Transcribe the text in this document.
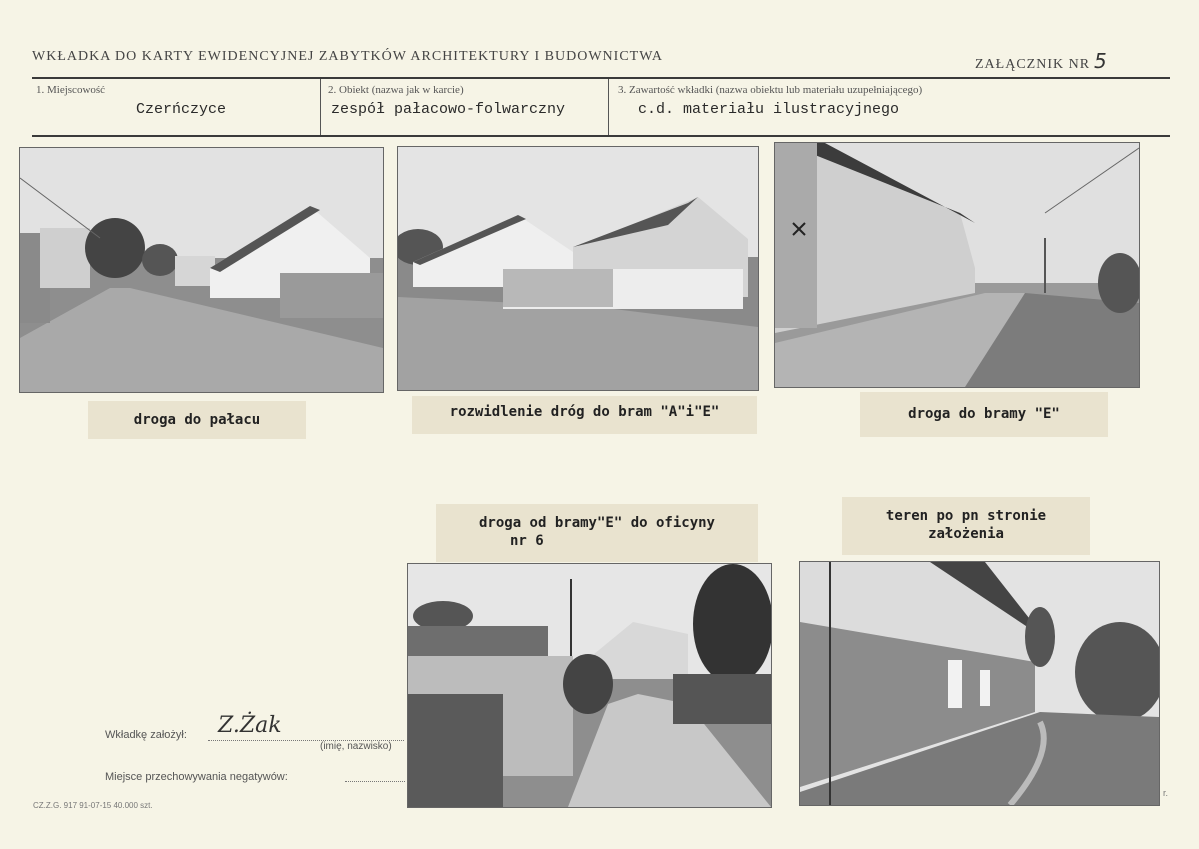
WKŁADKA DO KARTY EWIDENCYJNEJ ZABYTKÓW ARCHITEKTURY I BUDOWNICTWA
ZAŁĄCZNIK NR 5
1. Miejscowość
Czerńczyce
2. Obiekt (nazwa jak w karcie)
zespół pałacowo-folwarczny
3. Zawartość wkładki (nazwa obiektu lub materiału uzupełniającego)
c.d. materiału ilustracyjnego
droga do pałacu	rozwidlenie dróg do bram "A"i"E"	droga do bramy "E"
droga od bramy"E" do oficyny
nr 6
teren po pn stronie
założenia
Wkładkę założył: Z.Żak
(imię, nazwisko)
Miejsce przechowywania negatywów:
CZ.Z.G. 917 91-07-15 40.000 szt.
r.
